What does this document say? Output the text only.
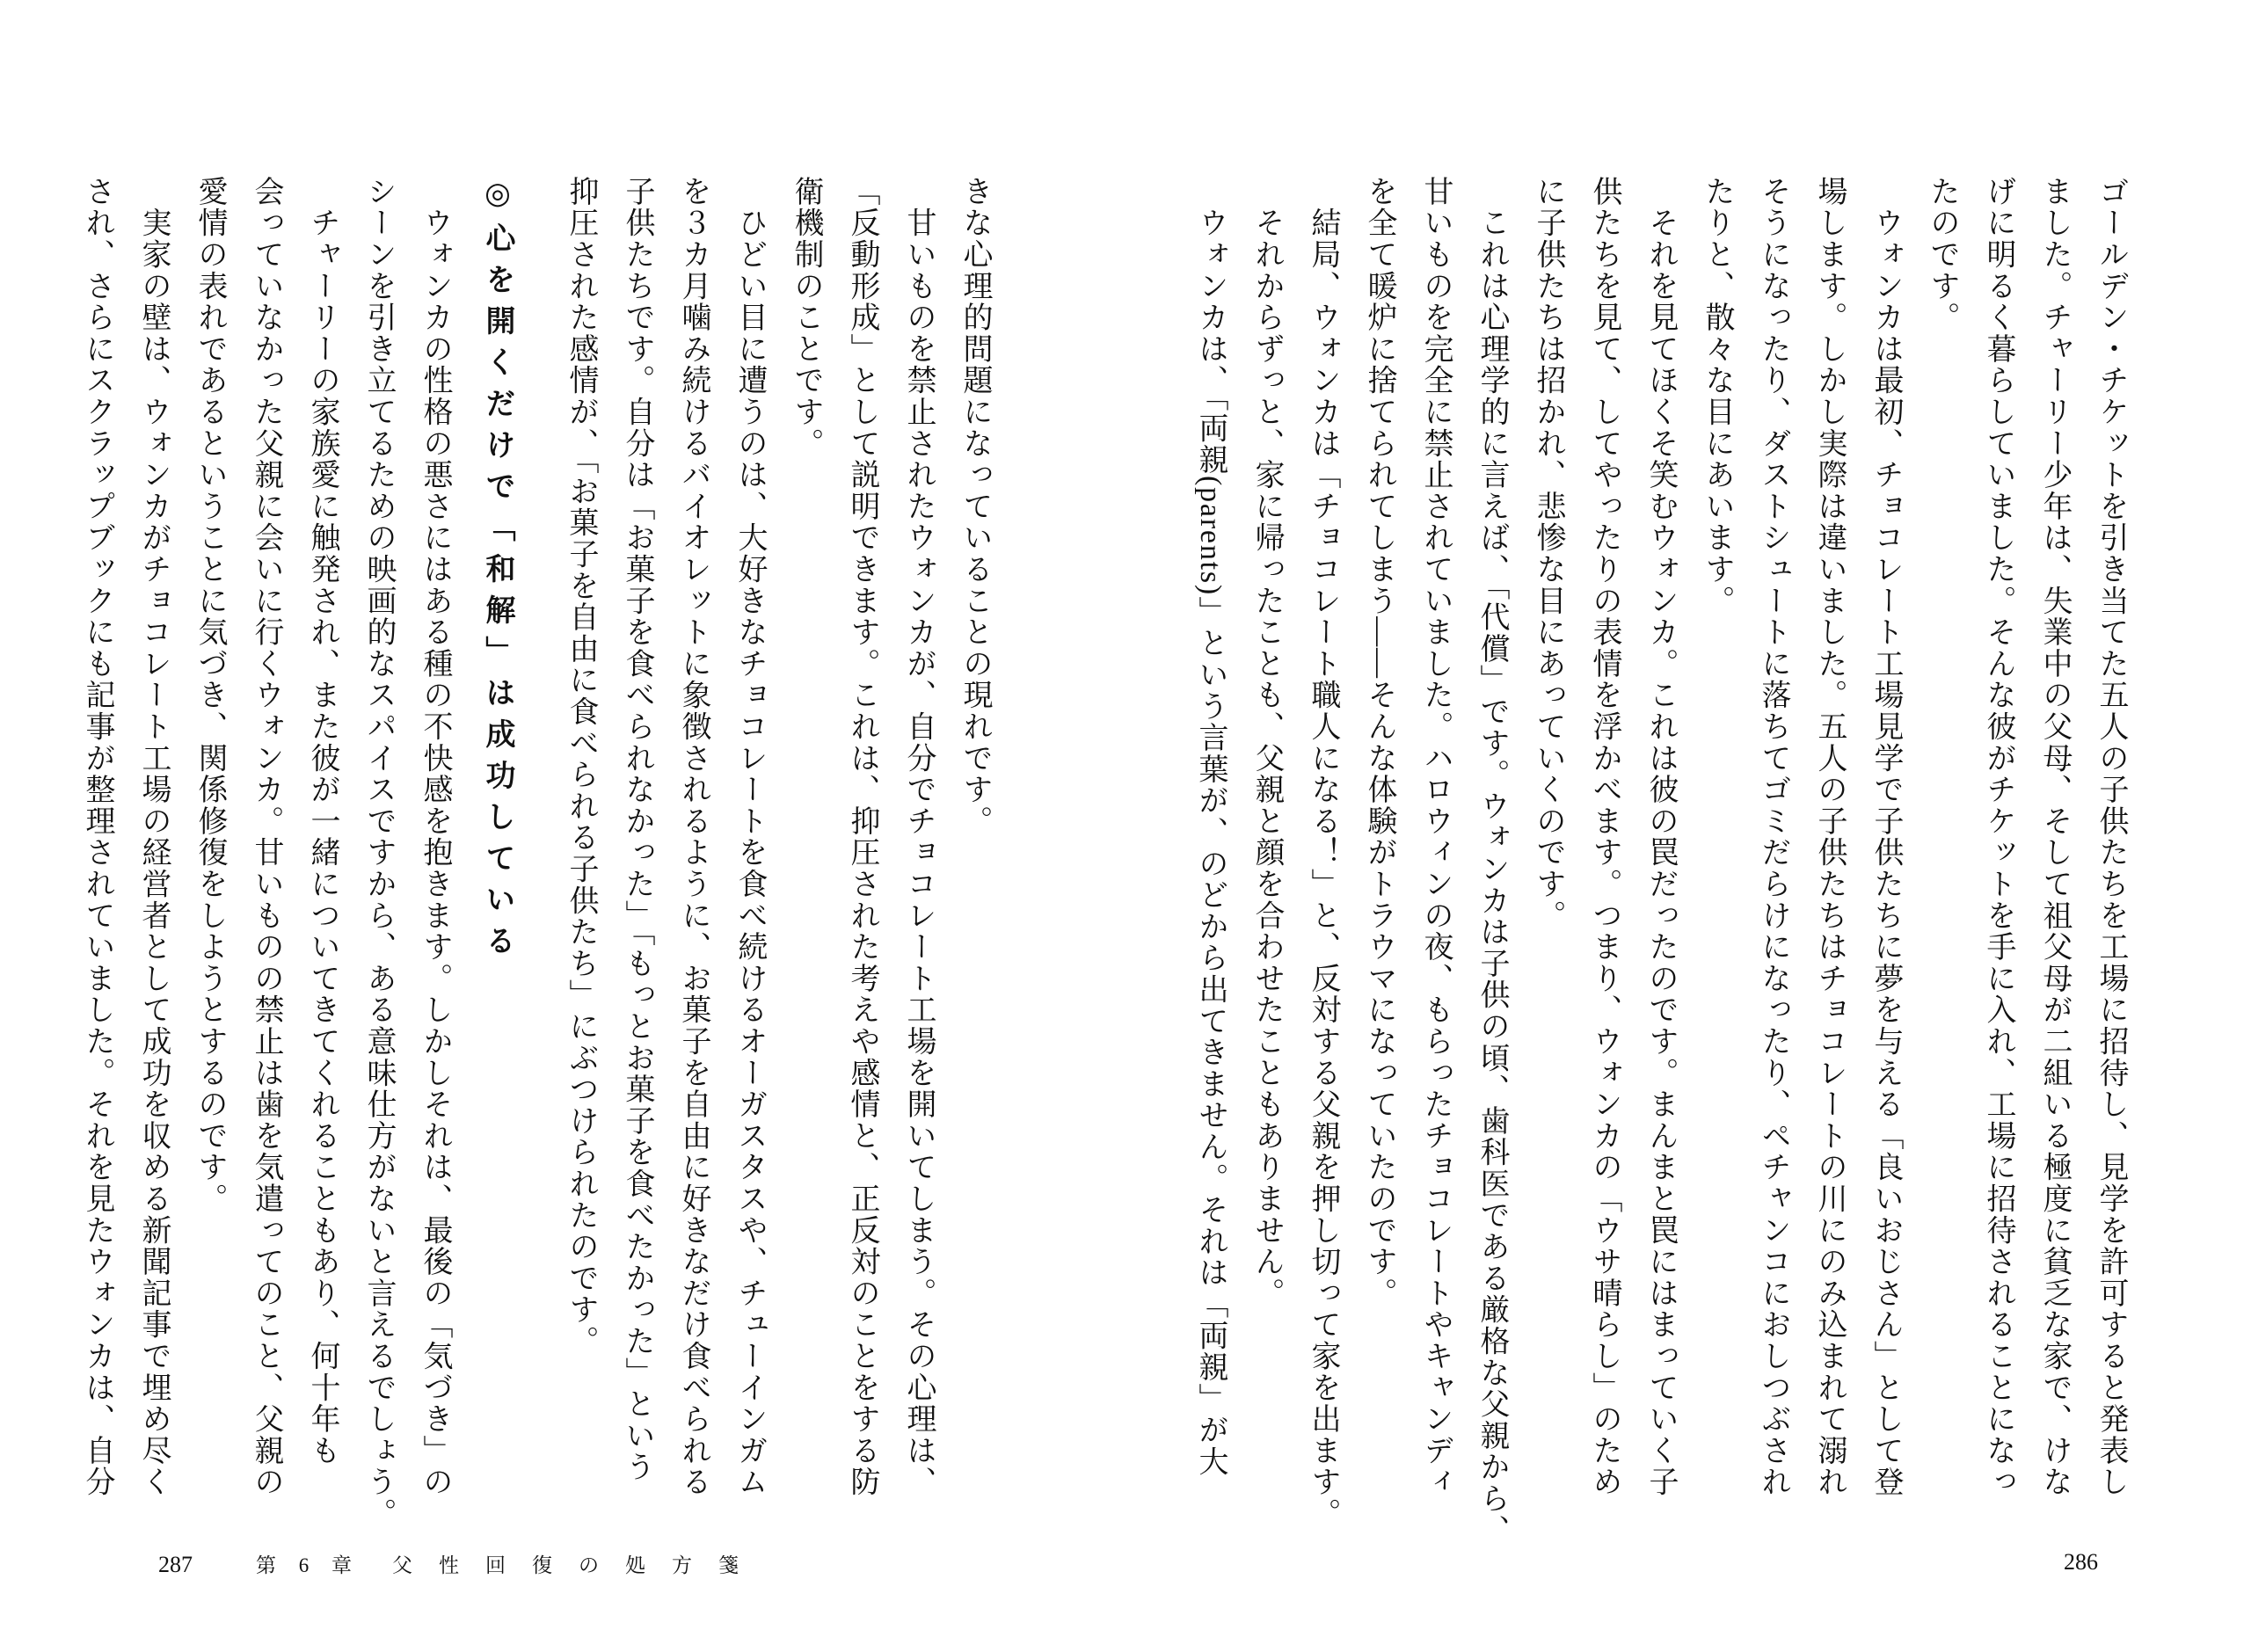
きな心理的問題になっていることの現れです。
　甘いものを禁止されたウォンカが、自分でチョコレート工場を開いてしまう。その心理は、
「反動形成」として説明できます。これは、抑圧された考えや感情と、正反対のことをする防
衛機制のことです。
　ひどい目に遭うのは、大好きなチョコレートを食べ続けるオーガスタスや、チューインガム
を３カ月噛み続けるバイオレットに象徴されるように、お菓子を自由に好きなだけ食べられる
子供たちです。自分は「お菓子を食べられなかった」「もっとお菓子を食べたかった」という
抑圧された感情が、「お菓子を自由に食べられる子供たち」にぶつけられたのです。
◎心を開くだけで「和解」は成功している
　ウォンカの性格の悪さにはある種の不快感を抱きます。しかしそれは、最後の「気づき」の
シーンを引き立てるための映画的なスパイスですから、ある意味仕方がないと言えるでしょう。
　チャーリーの家族愛に触発され、また彼が一緒についてきてくれることもあり、何十年も
会っていなかった父親に会いに行くウォンカ。甘いものの禁止は歯を気遣ってのこと、父親の
愛情の表れであるということに気づき、関係修復をしようとするのです。
　実家の壁は、ウォンカがチョコレート工場の経営者として成功を収める新聞記事で埋め尽く
され、さらにスクラップブックにも記事が整理されていました。それを見たウォンカは、自分
287	第 6 章 父性回復の処方箋
ゴールデン・チケットを引き当てた五人の子供たちを工場に招待し、見学を許可すると発表し
ました。チャーリー少年は、失業中の父母、そして祖父母が二組いる極度に貧乏な家で、けな
げに明るく暮らしていました。そんな彼がチケットを手に入れ、工場に招待されることになっ
たのです。
　ウォンカは最初、チョコレート工場見学で子供たちに夢を与える「良いおじさん」として登
場します。しかし実際は違いました。五人の子供たちはチョコレートの川にのみ込まれて溺れ
そうになったり、ダストシュートに落ちてゴミだらけになったり、ペチャンコにおしつぶされ
たりと、散々な目にあいます。
　それを見てほくそ笑むウォンカ。これは彼の罠だったのです。まんまと罠にはまっていく子
供たちを見て、してやったりの表情を浮かべます。つまり、ウォンカの「ウサ晴らし」のため
に子供たちは招かれ、悲惨な目にあっていくのです。
　これは心理学的に言えば、「代償」です。ウォンカは子供の頃、歯科医である厳格な父親から、
甘いものを完全に禁止されていました。ハロウィンの夜、もらったチョコレートやキャンディ
を全て暖炉に捨てられてしまう――そんな体験がトラウマになっていたのです。
　結局、ウォンカは「チョコレート職人になる！」と、反対する父親を押し切って家を出ます。
　それからずっと、家に帰ったことも、父親と顔を合わせたこともありません。
　ウォンカは、「両親(parents)」という言葉が、のどから出てきません。それは「両親」が大
286
